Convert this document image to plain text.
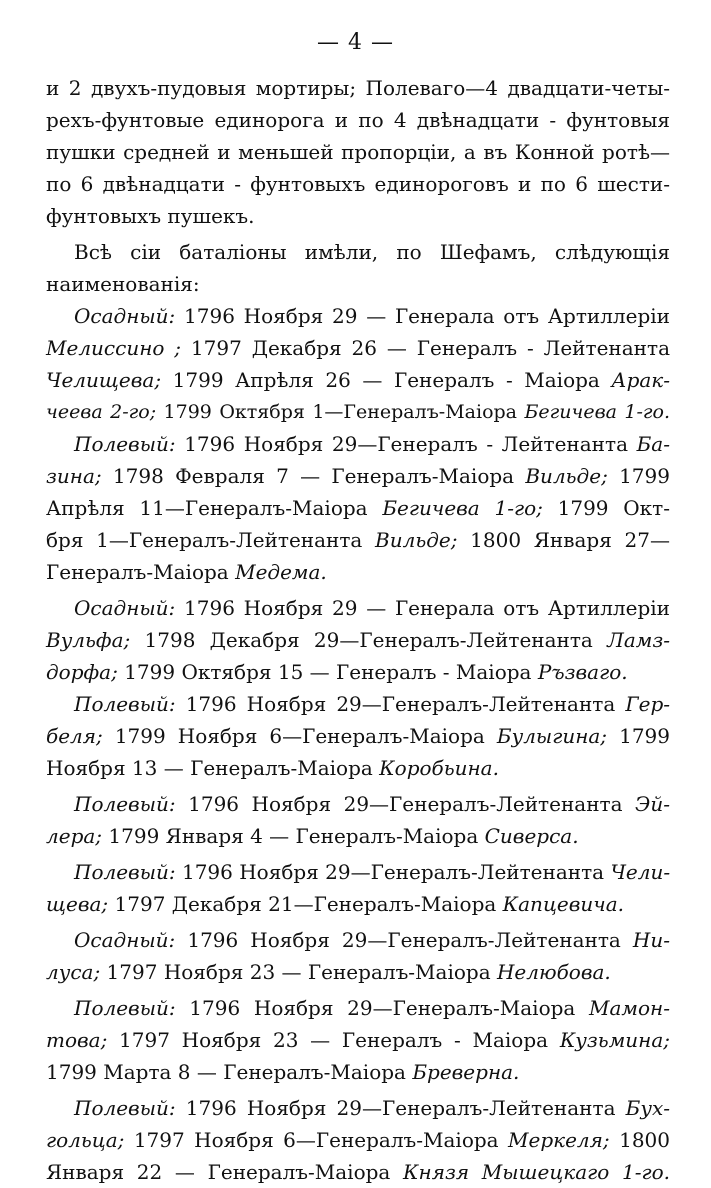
— 4 —
и 2 двухъ-пудовыя мортиры; Полеваго—4 двадцати-четы-
рехъ-фунтовые единорога и по 4 двѣнадцати - фунтовыя
пушки средней и меньшей пропорціи, а въ Конной ротѣ—
по 6 двѣнадцати - фунтовыхъ единороговъ и по 6 шести-
фунтовыхъ пушекъ.
Всѣ сіи баталіоны имѣли, по Шефамъ, слѣдующія
наименованія:
Осадный: 1796 Ноября 29 — Генерала отъ Артиллеріи
Мелиссино ; 1797 Декабря 26 — Генералъ - Лейтенанта
Челищева; 1799 Апрѣля 26 — Генералъ - Маіора Арак-
чеева 2-го; 1799 Октября 1—Генералъ-Маіора Бегичева 1-го.
Полевый: 1796 Ноября 29—Генералъ - Лейтенанта Ба-
зина; 1798 Февраля 7 — Генералъ-Маіора Вильде; 1799
Апрѣля 11—Генералъ-Маіора Бегичева 1-го; 1799 Окт-
бря 1—Генералъ-Лейтенанта Вильде; 1800 Января 27—
Генералъ-Маіора Медема.
Осадный: 1796 Ноября 29 — Генерала отъ Артиллеріи
Вульфа; 1798 Декабря 29—Генералъ-Лейтенанта Ламз-
дорфа; 1799 Октября 15 — Генералъ - Маіора Ръзваго.
Полевый: 1796 Ноября 29—Генералъ-Лейтенанта Гер-
беля; 1799 Ноября 6—Генералъ-Маіора Булыгина; 1799
Ноября 13 — Генералъ-Маіора Коробьина.
Полевый: 1796 Ноября 29—Генералъ-Лейтенанта Эй-
лера; 1799 Января 4 — Генералъ-Маіора Сиверса.
Полевый: 1796 Ноября 29—Генералъ-Лейтенанта Чели-
щева; 1797 Декабря 21—Генералъ-Маіора Капцевича.
Осадный: 1796 Ноября 29—Генералъ-Лейтенанта Ни-
луса; 1797 Ноября 23 — Генералъ-Маіора Нелюбова.
Полевый: 1796 Ноября 29—Генералъ-Маіора Мамон-
това; 1797 Ноября 23 — Генералъ - Маіора Кузьмина;
1799 Марта 8 — Генералъ-Маіора Бреверна.
Полевый: 1796 Ноября 29—Генералъ-Лейтенанта Бух-
гольца; 1797 Ноября 6—Генералъ-Маіора Меркеля; 1800
Января 22 — Генералъ-Маіора Князя Мышецкаго 1-го.
